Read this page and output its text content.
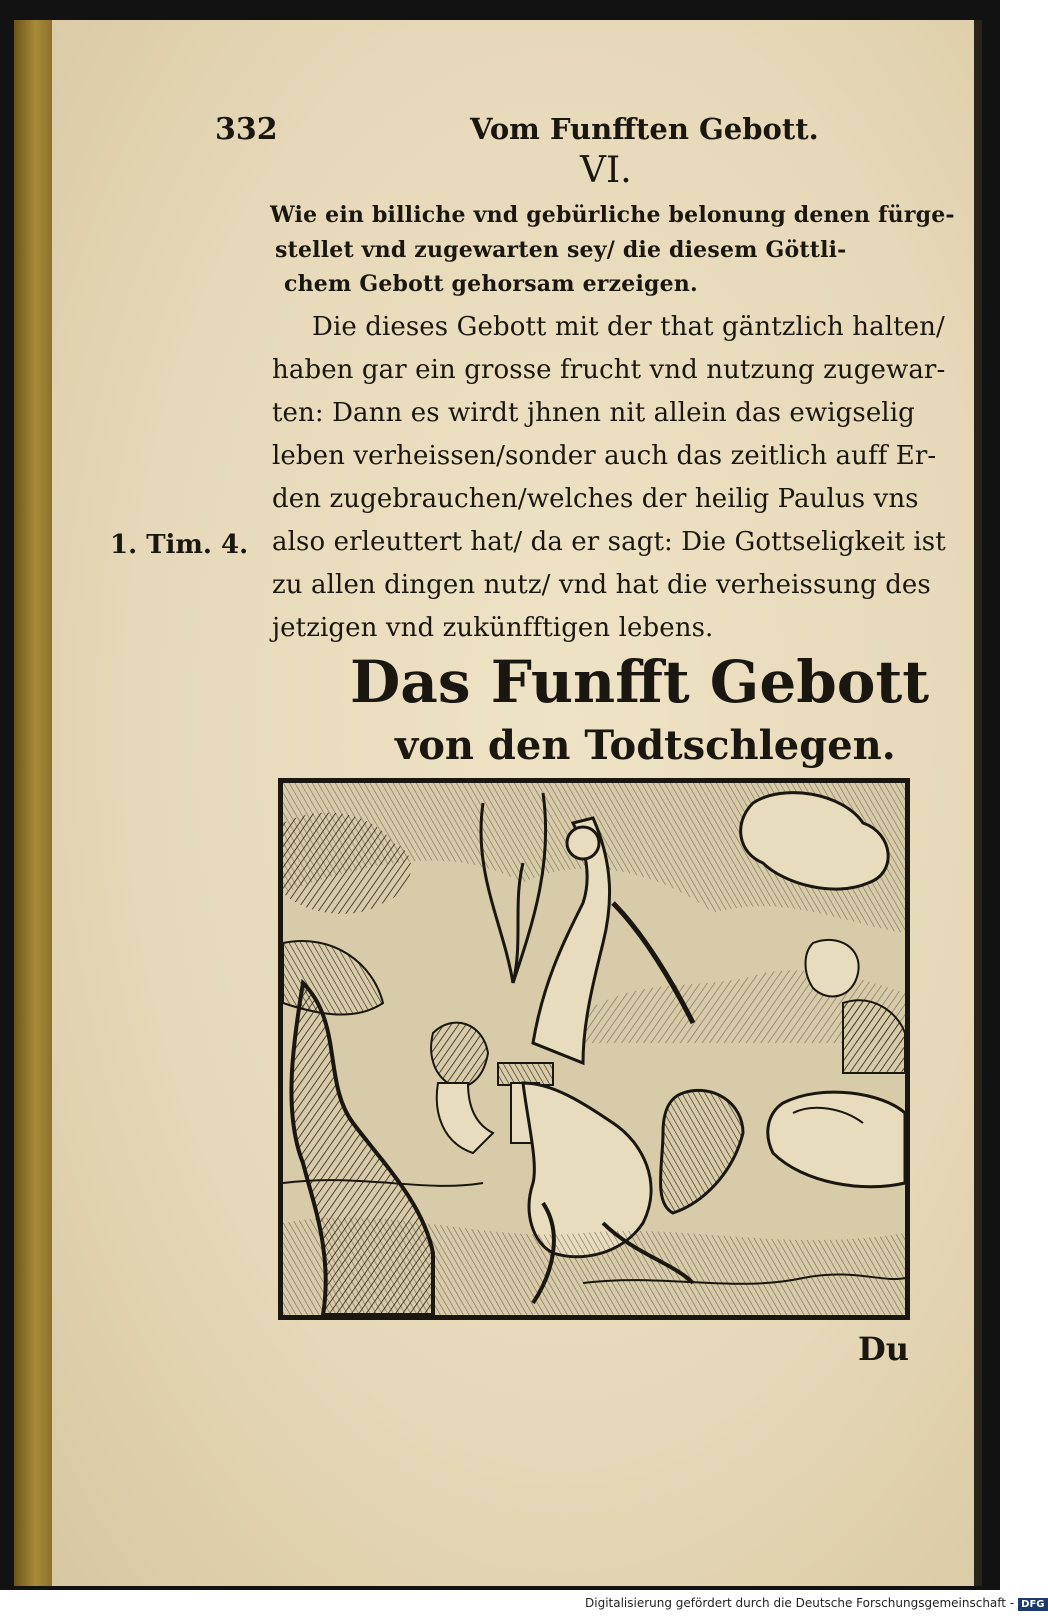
332	Vom Funfften Gebott.
VI.
Wie ein billiche vnd gebürliche belonung denen fürge-
stellet vnd zugewarten sey/ die diesem Göttli-
chem Gebott gehorsam erzeigen.
Die dieses Gebott mit der that gäntzlich halten/
haben gar ein grosse frucht vnd nutzung zugewar-
ten: Dann es wirdt jhnen nit allein das ewigselig
leben verheissen/sonder auch das zeitlich auff Er-
den zugebrauchen/welches der heilig Paulus vns
also erleuttert hat/ da er sagt: Die Gottseligkeit ist
zu allen dingen nutz/ vnd hat die verheissung des
jetzigen vnd zukünfftigen lebens.
1. Tim. 4.
Das Funfft Gebott
von den Todtschlegen.
Du
Digitalisierung gefördert durch die Deutsche Forschungsgemeinschaft - DFG
